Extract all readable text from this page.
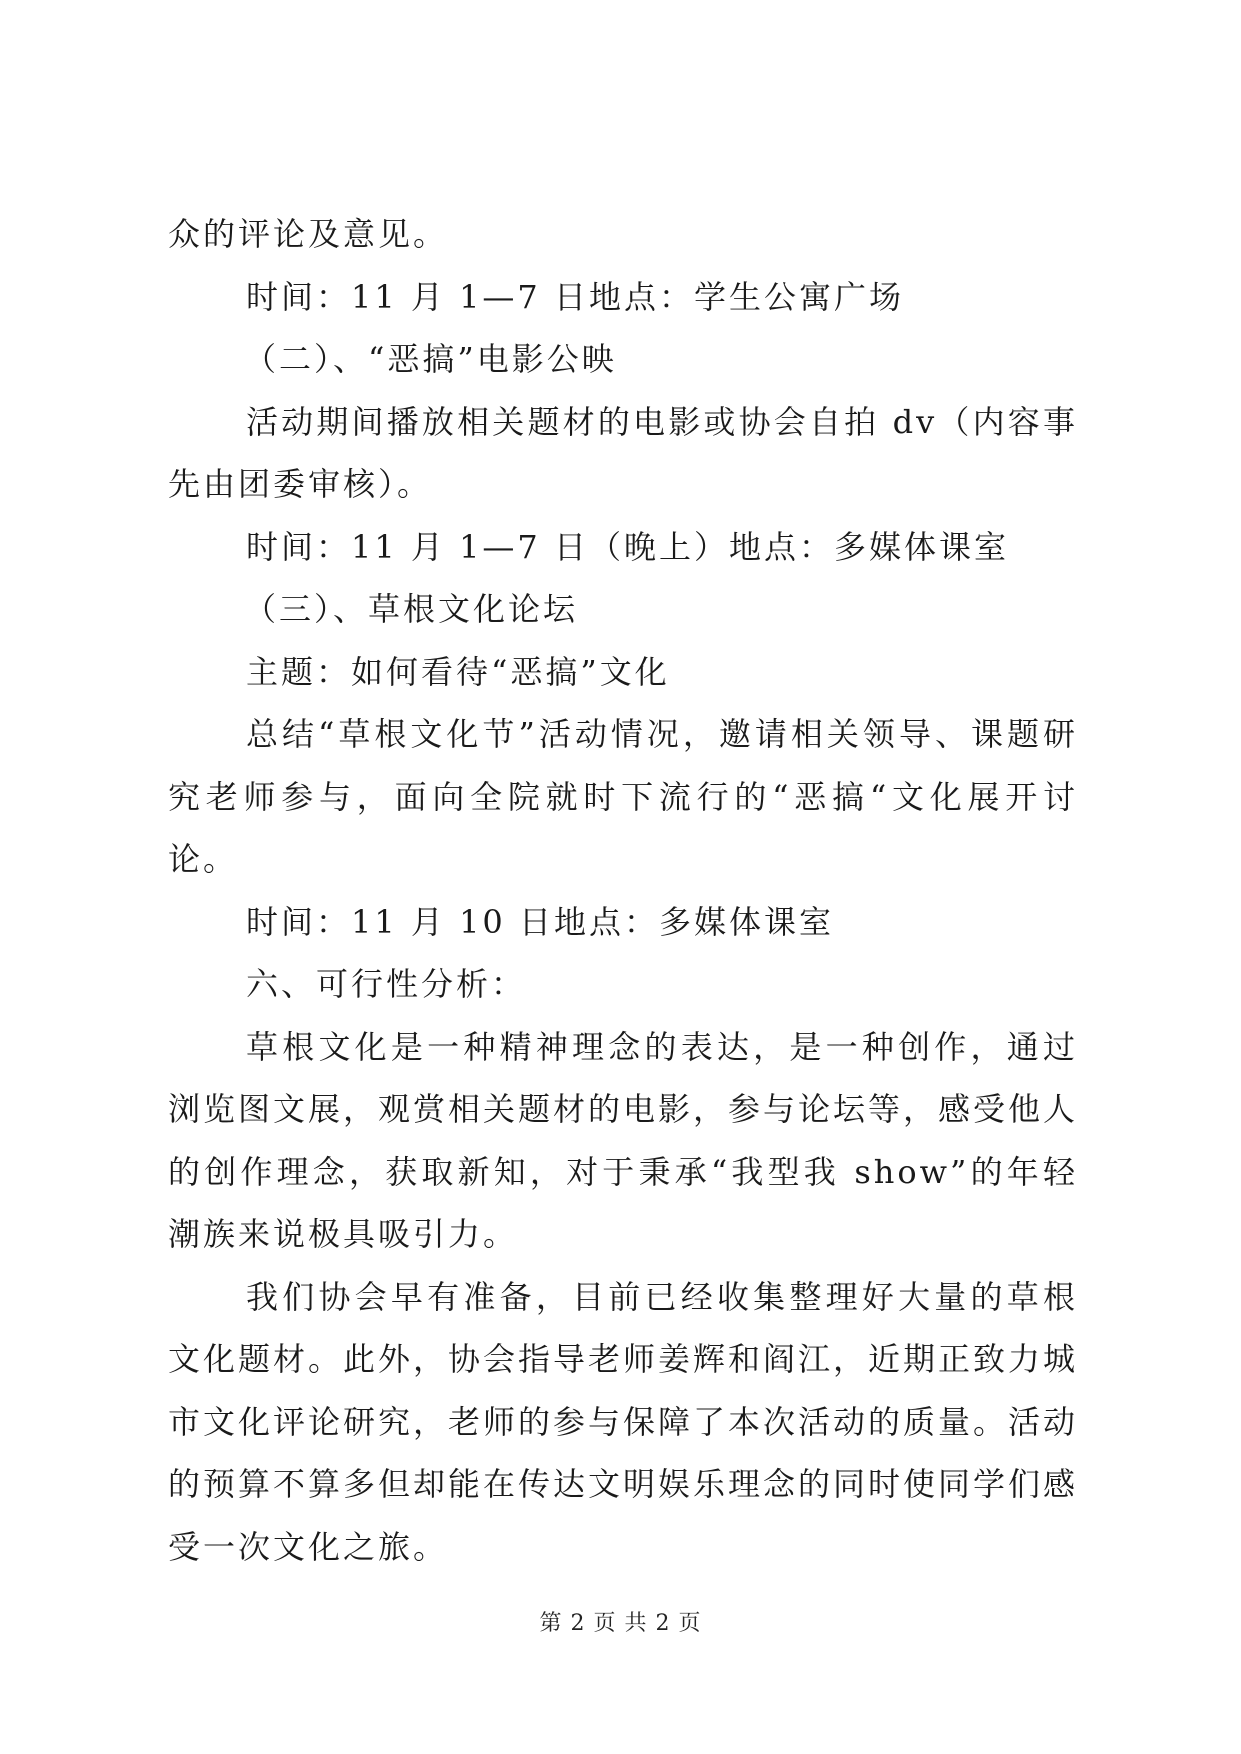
众的评论及意见。

时间：11 月 1—7 日地点：学生公寓广场

（二）、“恶搞”电影公映

活动期间播放相关题材的电影或协会自拍 dv（内容事先由团委审核）。

时间：11 月 1—7 日（晚上）地点：多媒体课室

（三）、草根文化论坛

主题：如何看待“恶搞”文化

总结“草根文化节”活动情况，邀请相关领导、课题研究老师参与，面向全院就时下流行的“恶搞“文化展开讨论。

时间：11 月 10 日地点：多媒体课室

六、可行性分析：

草根文化是一种精神理念的表达，是一种创作，通过浏览图文展，观赏相关题材的电影，参与论坛等，感受他人的创作理念，获取新知，对于秉承“我型我 show”的年轻潮族来说极具吸引力。

我们协会早有准备，目前已经收集整理好大量的草根文化题材。此外，协会指导老师姜辉和阎江，近期正致力城市文化评论研究，老师的参与保障了本次活动的质量。活动的预算不算多但却能在传达文明娱乐理念的同时使同学们感受一次文化之旅。

第 2 页 共 2 页
